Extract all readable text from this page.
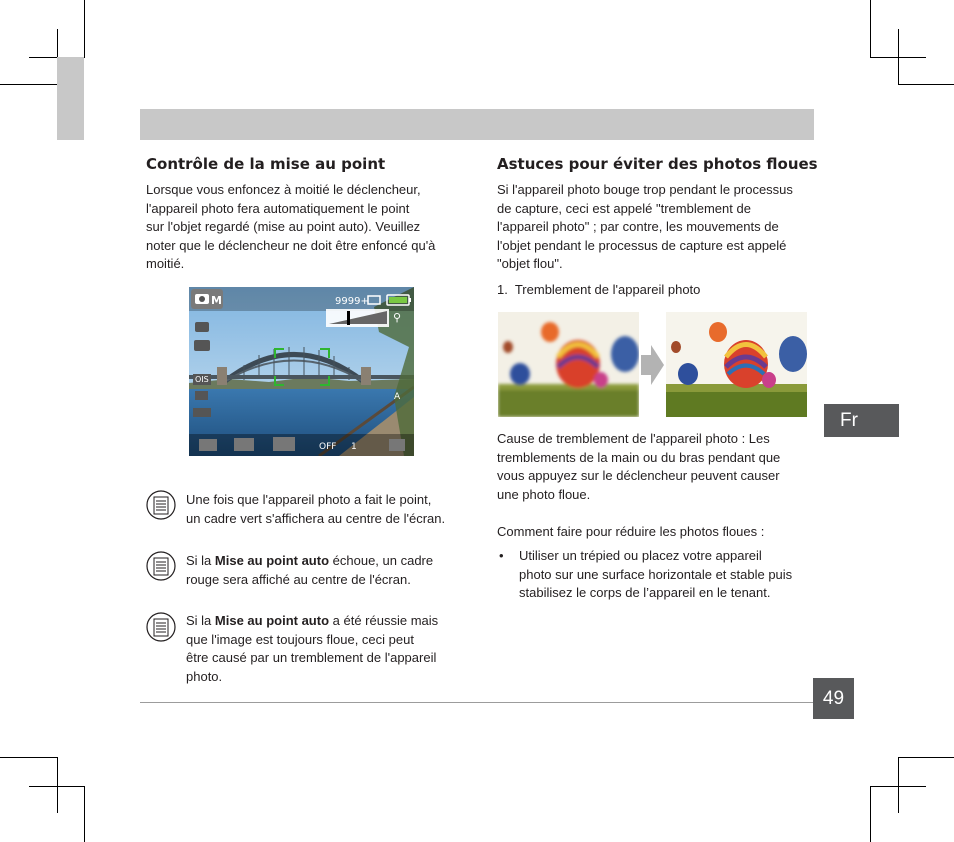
Contrôle de la mise au point
Lorsque vous enfoncez à moitié le déclencheur,
l'appareil photo fera automatiquement le point
sur l'objet regardé (mise au point auto). Veuillez
noter que le déclencheur ne doit être enfoncé qu'à
moitié.
M	9999+
⚲
OIS
A
OFF 1
Une fois que l'appareil photo a fait le point,
un cadre vert s'affichera au centre de l'écran.
Si la Mise au point auto échoue, un cadre
rouge sera affiché au centre de l'écran.
Si la Mise au point auto a été réussie mais
que l'image est toujours floue, ceci peut
être causé par un tremblement de l'appareil
photo.
Astuces pour éviter des photos floues
Si l'appareil photo bouge trop pendant le processus
de capture, ceci est appelé "tremblement de
l'appareil photo" ; par contre, les mouvements de
l'objet pendant le processus de capture est appelé
"objet flou".
1. Tremblement de l'appareil photo
Cause de tremblement de l'appareil photo : Les
tremblements de la main ou du bras pendant que
vous appuyez sur le déclencheur peuvent causer
une photo floue.
Comment faire pour réduire les photos floues :
• Utiliser un trépied ou placez votre appareil
photo sur une surface horizontale et stable puis
stabilisez le corps de l’appareil en le tenant.
Fr
49
